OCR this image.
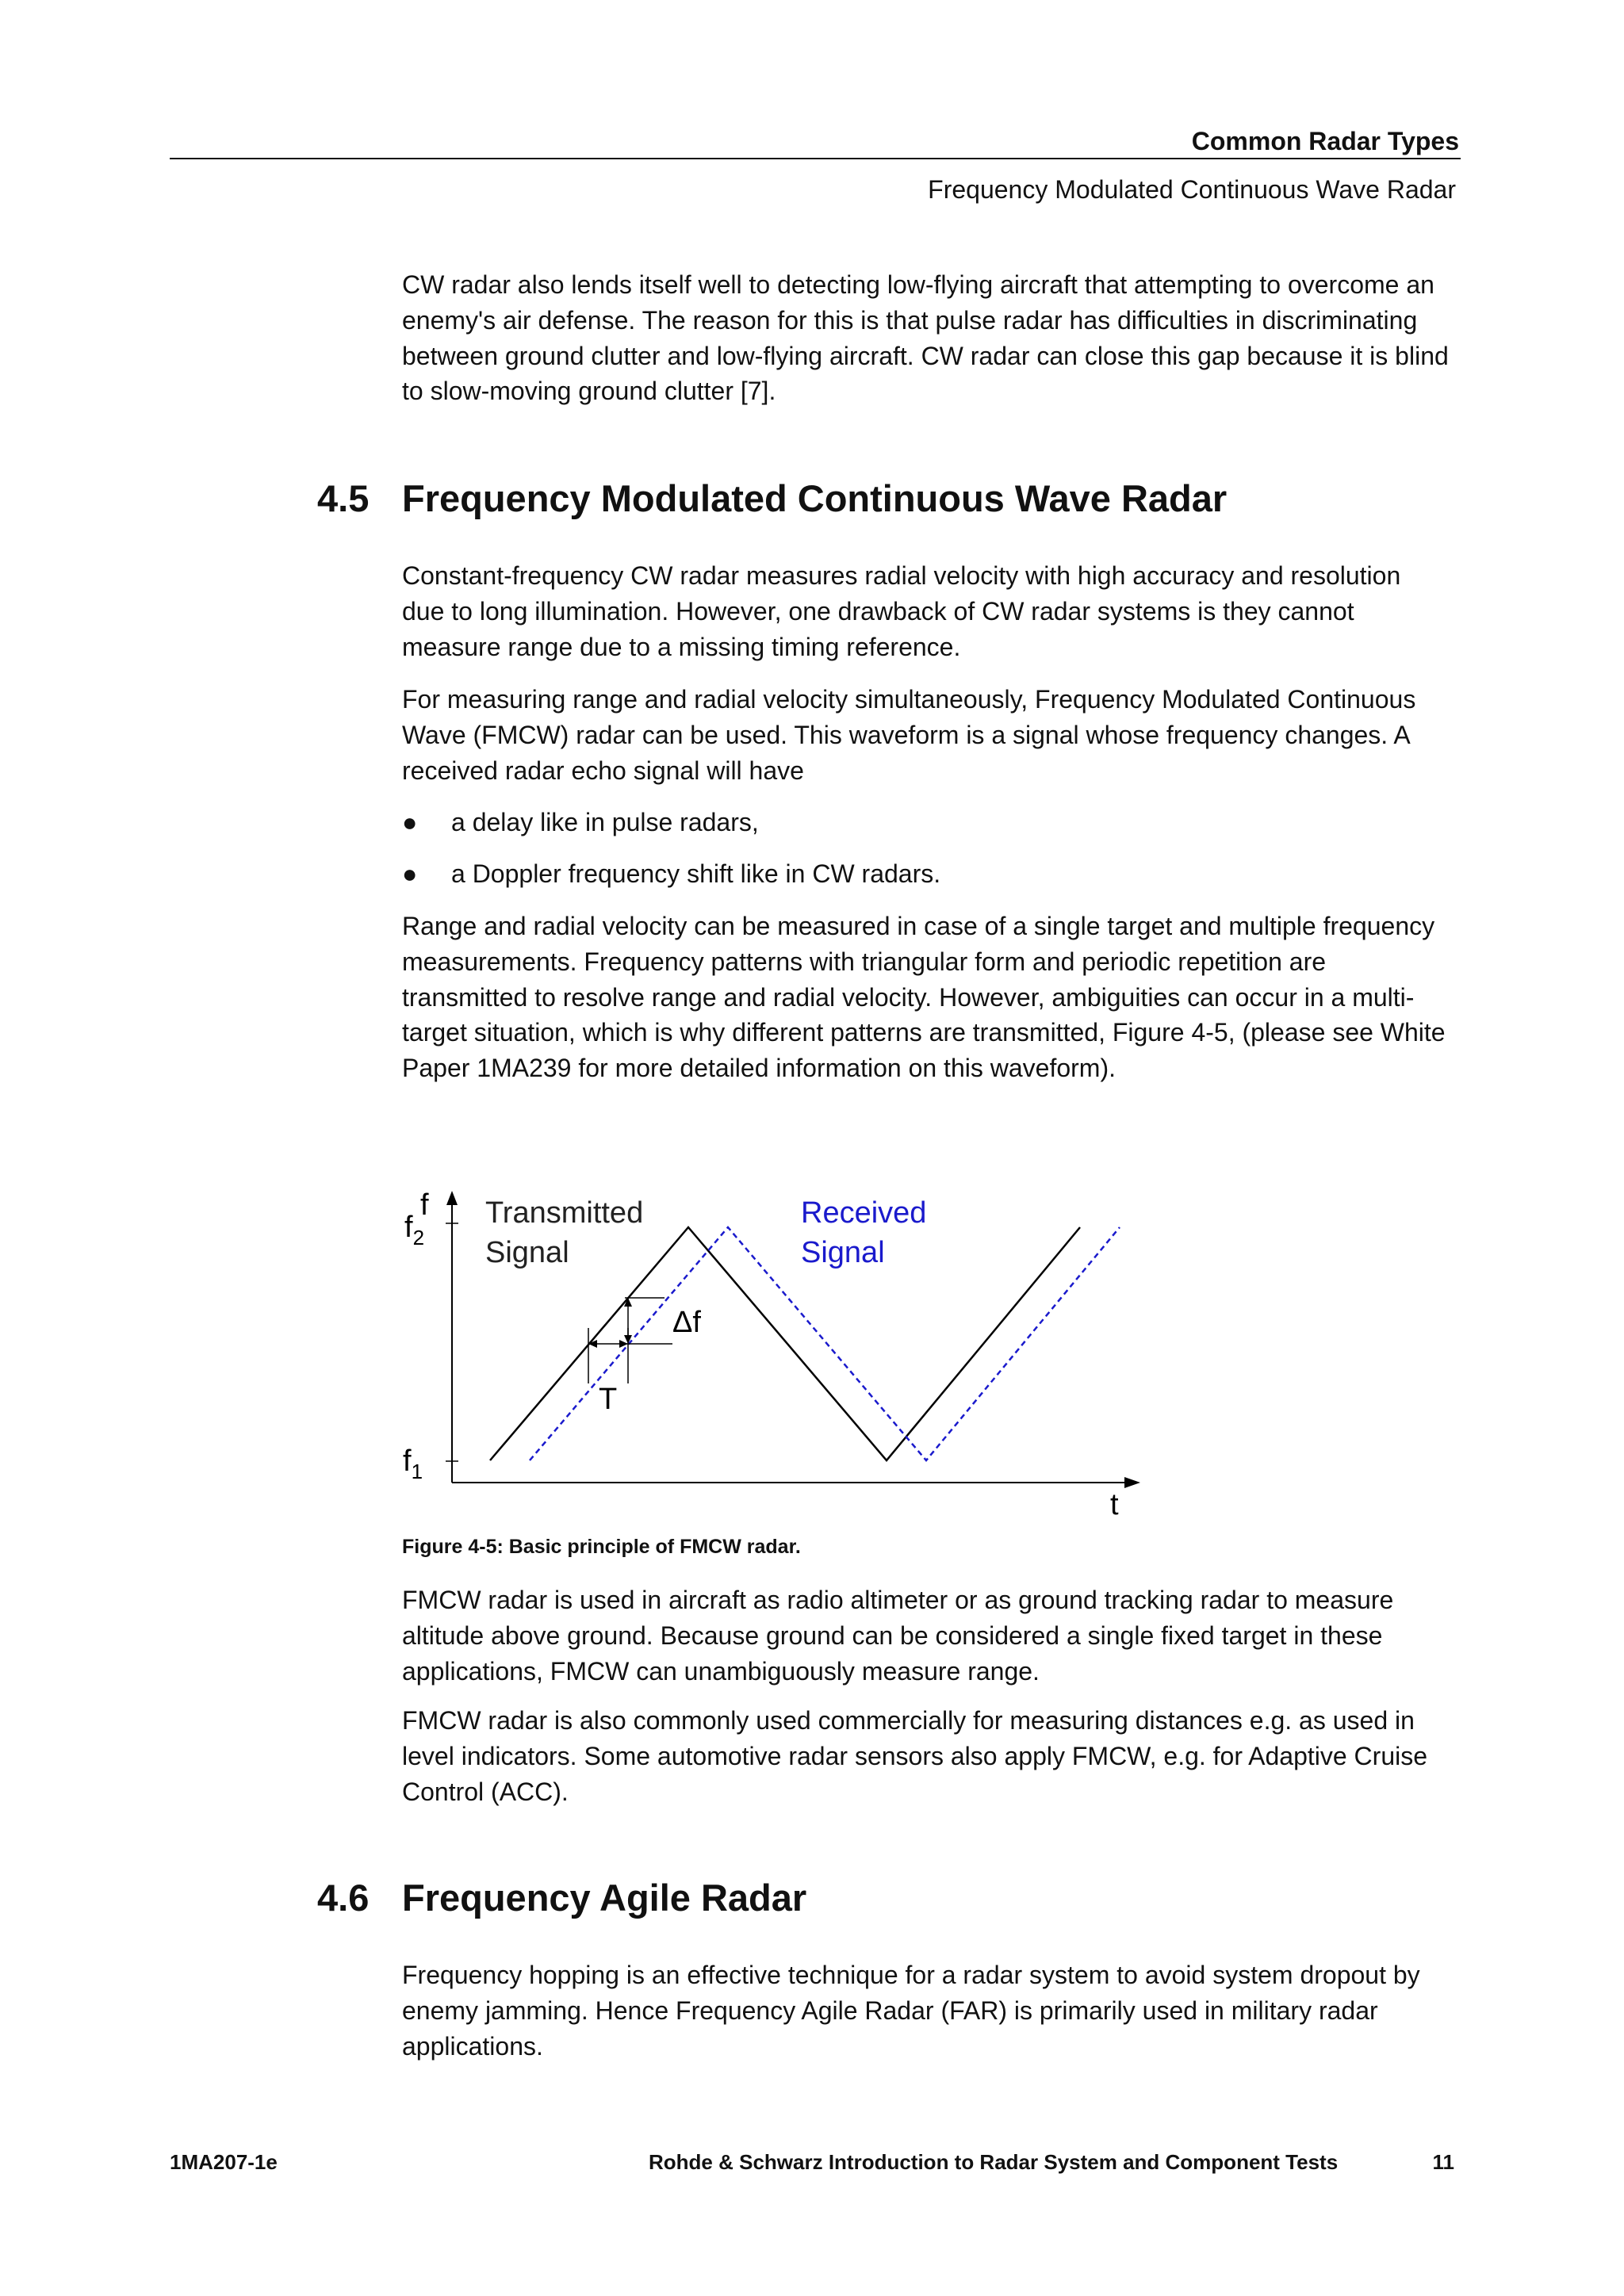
Common Radar Types
Frequency Modulated Continuous Wave Radar

CW radar also lends itself well to detecting low-flying aircraft that attempting to overcome an enemy's air defense. The reason for this is that pulse radar has difficulties in discriminating between ground clutter and low-flying aircraft. CW radar can close this gap because it is blind to slow-moving ground clutter [7].

4.5 Frequency Modulated Continuous Wave Radar

Constant-frequency CW radar measures radial velocity with high accuracy and resolution due to long illumination. However, one drawback of CW radar systems is they cannot measure range due to a missing timing reference.

For measuring range and radial velocity simultaneously, Frequency Modulated Continuous Wave (FMCW) radar can be used. This waveform is a signal whose frequency changes. A received radar echo signal will have

● a delay like in pulse radars,
● a Doppler frequency shift like in CW radars.

Range and radial velocity can be measured in case of a single target and multiple frequency measurements. Frequency patterns with triangular form and periodic repetition are transmitted to resolve range and radial velocity. However, ambiguities can occur in a multi-target situation, which is why different patterns are transmitted, Figure 4-5, (please see White Paper 1MA239 for more detailed information on this waveform).

f
t
$f_2$
$f_1$
Transmitted
Signal
Received
Signal
Δf
T
Figure 4-5: Basic principle of FMCW radar.

FMCW radar is used in aircraft as radio altimeter or as ground tracking radar to measure altitude above ground. Because ground can be considered a single fixed target in these applications, FMCW can unambiguously measure range.

FMCW radar is also commonly used commercially for measuring distances e.g. as used in level indicators. Some automotive radar sensors also apply FMCW, e.g. for Adaptive Cruise Control (ACC).

4.6 Frequency Agile Radar

Frequency hopping is an effective technique for a radar system to avoid system dropout by enemy jamming. Hence Frequency Agile Radar (FAR) is primarily used in military radar applications.

1MA207-1e	Rohde & Schwarz Introduction to Radar System and Component Tests	11
